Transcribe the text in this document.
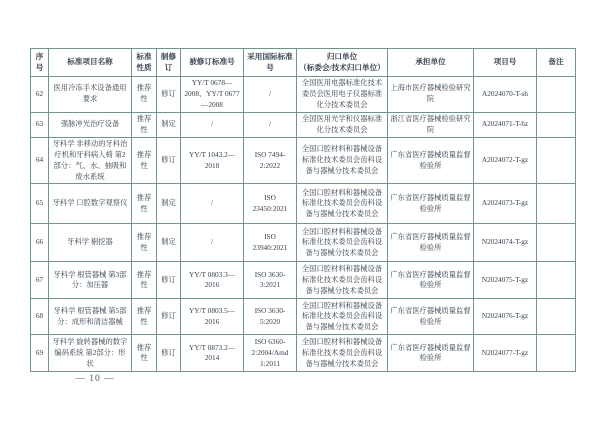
序号	标准项目名称	标准性质	制修订	被修订标准号	采用国际标准号	归口单位
（标委会/技术归口单位）	承担单位	项目号	备注
62	医用冷冻手术设备通用要求	推荐性	修订	YY/T 0678—2008、YY/T 0677—2008	/	全国医用电器标准化技术委员会医用电子仪器标准化分技术委员会	上海市医疗器械检验研究院	A2024070-T-sh	
63	强脉冲光治疗设备	推荐性	制定	/	/	全国医用光学和仪器标准化分技术委员会	浙江省医疗器械检验研究院	A2024071-T-hz	
64	牙科学 非移动的牙科治疗机和牙科病人椅 第2部分：气、水、抽吸和废水系统	推荐性	修订	YY/T 1043.2—2018	ISO 7494-2:2022	全国口腔材料和器械设备标准化技术委员会齿科设备与器械分技术委员会	广东省医疗器械质量监督检验所	A2024072-T-gz	
65	牙科学 口腔数字观察仪	推荐性	制定	/	ISO 23450:2021	全国口腔材料和器械设备标准化技术委员会齿科设备与器械分技术委员会	广东省医疗器械质量监督检验所	A2024073-T-gz	
66	牙科学 剔挖器	推荐性	制定	/	ISO 23940:2021	全国口腔材料和器械设备标准化技术委员会齿科设备与器械分技术委员会	广东省医疗器械质量监督检验所	N2024074-T-gz	
67	牙科学 根管器械 第3部分：加压器	推荐性	修订	YY/T 0803.3—2016	ISO 3630-3:2021	全国口腔材料和器械设备标准化技术委员会齿科设备与器械分技术委员会	广东省医疗器械质量监督检验所	N2024075-T-gz	
68	牙科学 根管器械 第5部分：成形和清洁器械	推荐性	修订	YY/T 0803.5—2016	ISO 3630-5:2020	全国口腔材料和器械设备标准化技术委员会齿科设备与器械分技术委员会	广东省医疗器械质量监督检验所	N2024076-T-gz	
69	牙科学 旋转器械的数字编码系统 第2部分：形状	推荐性	修订	YY/T 0873.2—2014	ISO 6360-2:2004/Amd 1:2011	全国口腔材料和器械设备标准化技术委员会齿科设备与器械分技术委员会	广东省医疗器械质量监督检验所	N2024077-T-gz	
— 10 —
